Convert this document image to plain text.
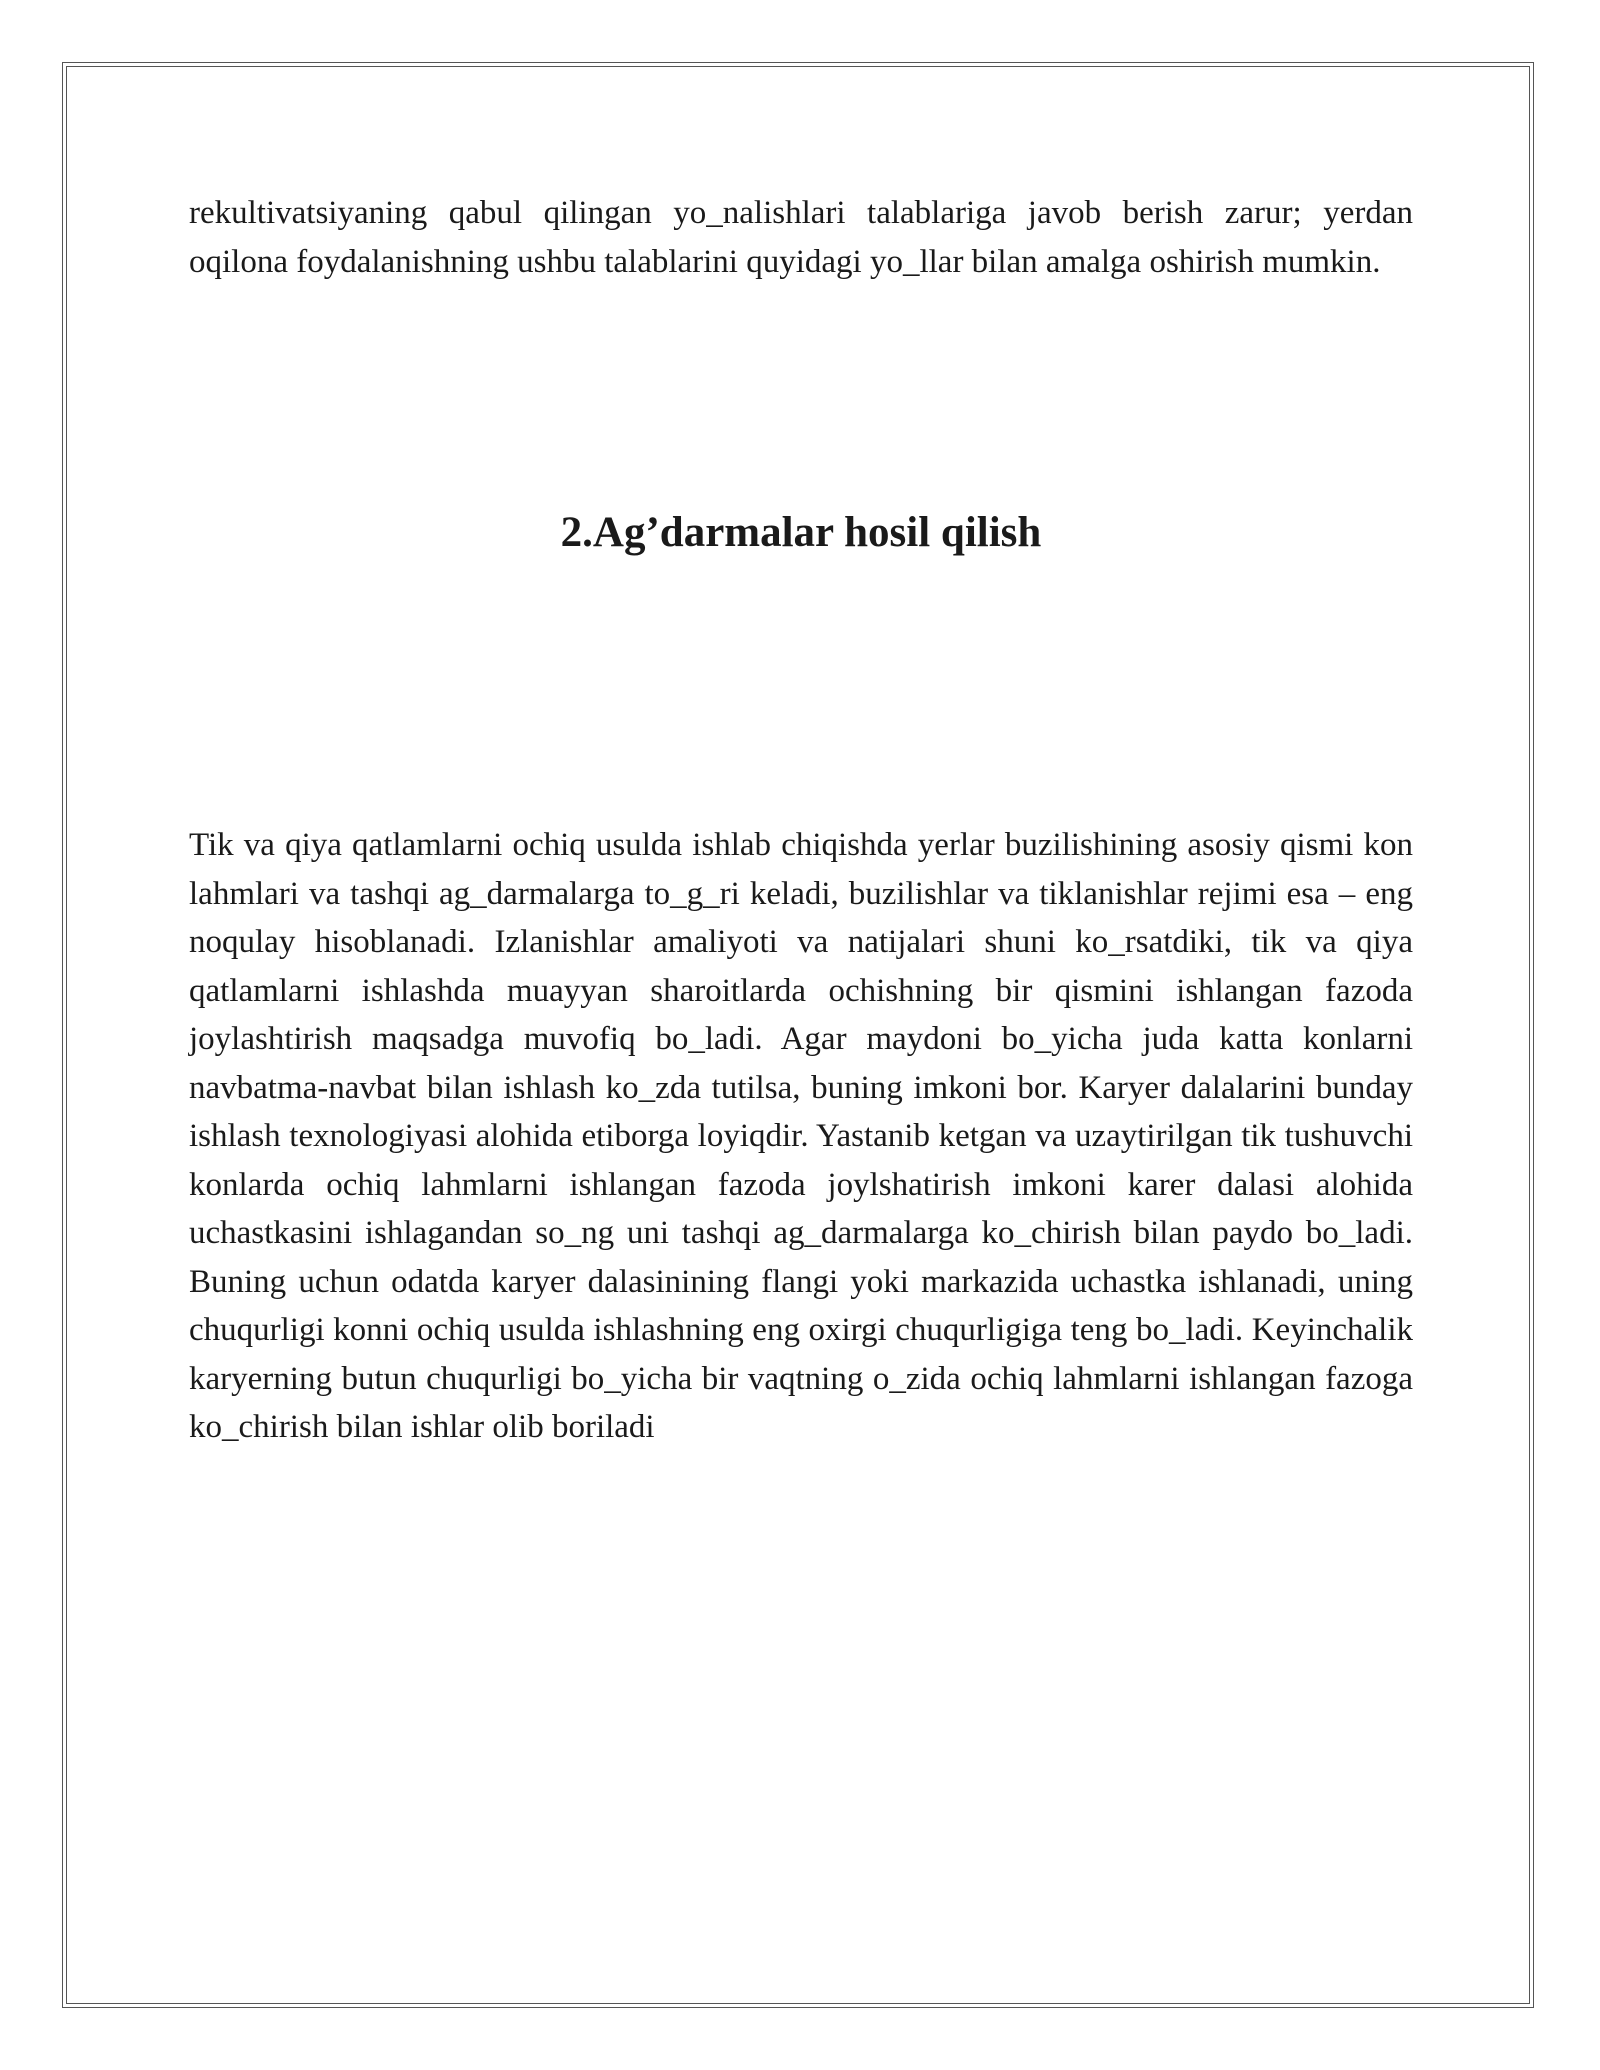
rekultivatsiyaning qabul qilingan yo_nalishlari talablariga javob berish zarur; yerdan oqilona foydalanishning ushbu talablarini quyidagi yo_llar bilan amalga oshirish mumkin.

2.Ag’darmalar hosil qilish

Tik va qiya qatlamlarni ochiq usulda ishlab chiqishda yerlar buzilishining asosiy qismi kon lahmlari va tashqi ag_darmalarga to_g_ri keladi, buzilishlar va tiklanishlar rejimi esa – eng noqulay hisoblanadi. Izlanishlar amaliyoti va natijalari shuni ko_rsatdiki, tik va qiya qatlamlarni ishlashda muayyan sharoitlarda ochishning bir qismini ishlangan fazoda joylashtirish maqsadga muvofiq bo_ladi. Agar maydoni bo_yicha juda katta konlarni navbatma-navbat bilan ishlash ko_zda tutilsa, buning imkoni bor. Karyer dalalarini bunday ishlash texnologiyasi alohida etiborga loyiqdir. Yastanib ketgan va uzaytirilgan tik tushuvchi konlarda ochiq lahmlarni ishlangan fazoda joylshatirish imkoni karer dalasi alohida uchastkasini ishlagandan so_ng uni tashqi ag_darmalarga ko_chirish bilan paydo bo_ladi. Buning uchun odatda karyer dalasinining flangi yoki markazida uchastka ishlanadi, uning chuqurligi konni ochiq usulda ishlashning eng oxirgi chuqurligiga teng bo_ladi. Keyinchalik karyerning butun chuqurligi bo_yicha bir vaqtning o_zida ochiq lahmlarni ishlangan fazoga ko_chirish bilan ishlar olib boriladi
